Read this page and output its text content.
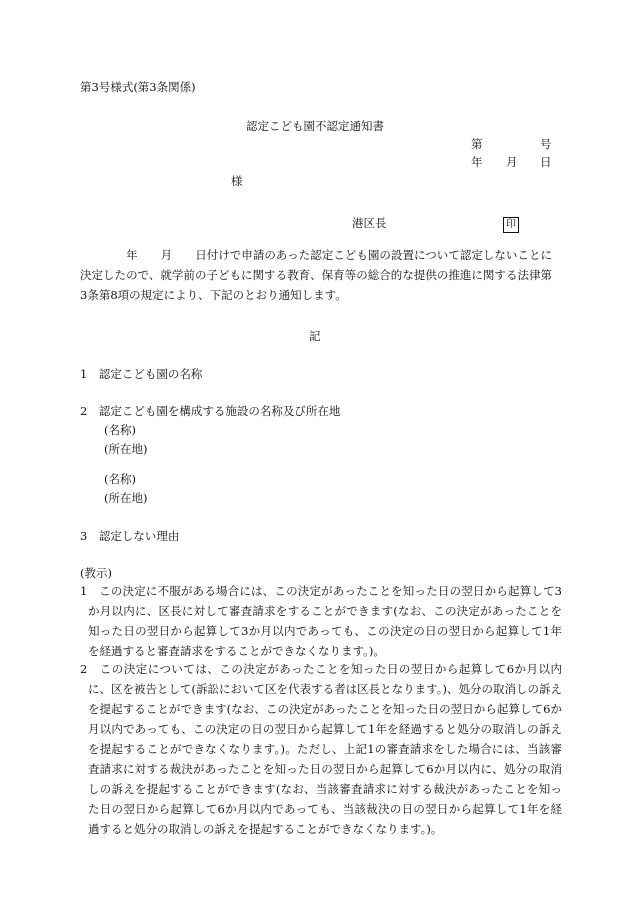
第3号様式(第3条関係)
認定こども園不認定通知書
第	号
年 月 日
様
港区長	印
　　　　年　　月　　日付けで申請のあった認定こども園の設置について認定しないことに決定したので、就学前の子どもに関する教育、保育等の総合的な提供の推進に関する法律第3条第8項の規定により、下記のとおり通知します。
記
1　認定こども園の名称
2　認定こども園を構成する施設の名称及び所在地
(名称)
(所在地)
(名称)
(所在地)
3　認定しない理由
(教示)
1　この決定に不服がある場合には、この決定があったことを知った日の翌日から起算して3か月以内に、区長に対して審査請求をすることができます(なお、この決定があったことを知った日の翌日から起算して3か月以内であっても、この決定の日の翌日から起算して1年を経過すると審査請求をすることができなくなります。)。
2　この決定については、この決定があったことを知った日の翌日から起算して6か月以内に、区を被告として(訴訟において区を代表する者は区長となります。)、処分の取消しの訴えを提起することができます(なお、この決定があったことを知った日の翌日から起算して6か月以内であっても、この決定の日の翌日から起算して1年を経過すると処分の取消しの訴えを提起することができなくなります。)。ただし、上記1の審査請求をした場合には、当該審査請求に対する裁決があったことを知った日の翌日から起算して6か月以内に、処分の取消しの訴えを提起することができます(なお、当該審査請求に対する裁決があったことを知った日の翌日から起算して6か月以内であっても、当該裁決の日の翌日から起算して1年を経過すると処分の取消しの訴えを提起することができなくなります。)。
